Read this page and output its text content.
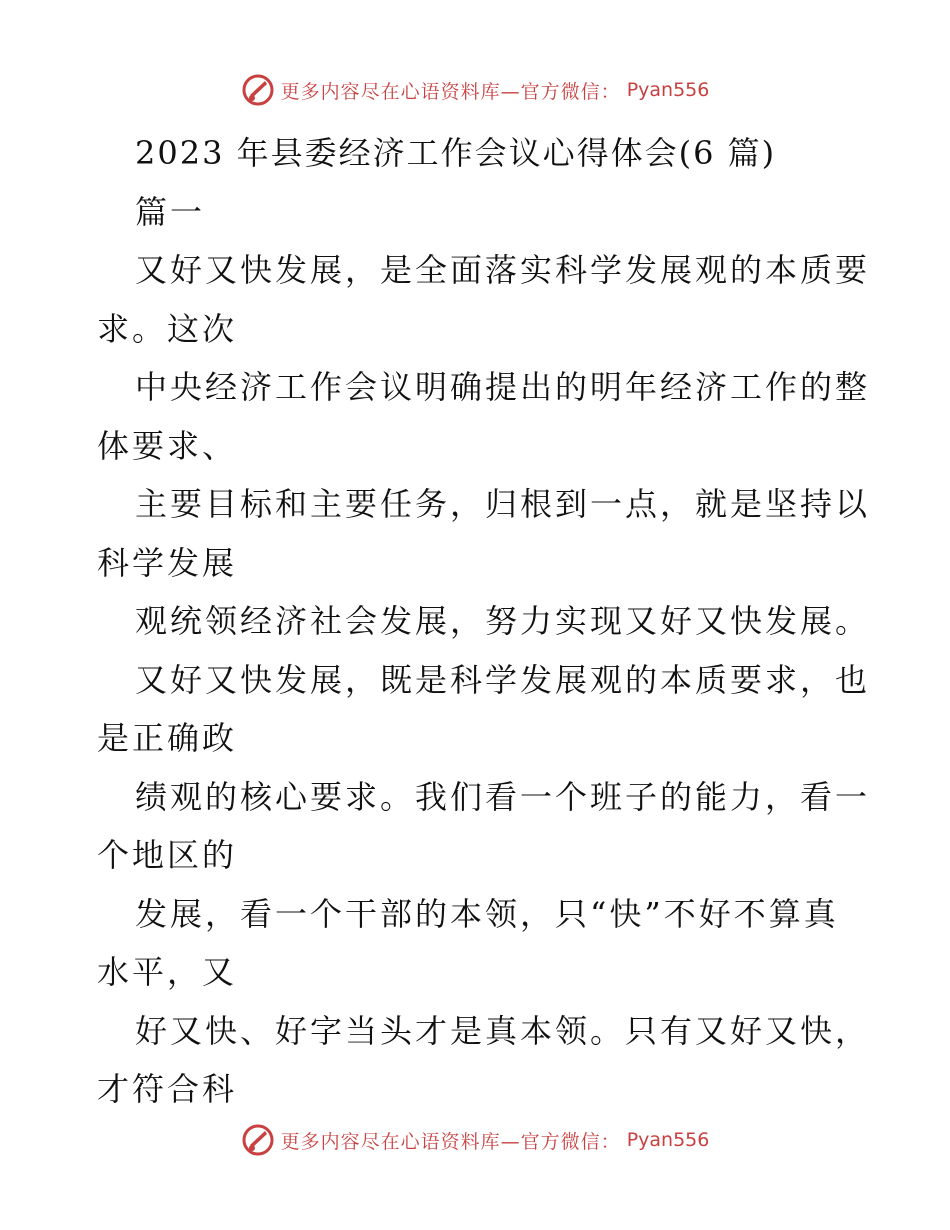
更多内容尽在心语资料库—官方微信： Pyan556
2023 年县委经济工作会议心得体会(6 篇)
篇一
又好又快发展，是全面落实科学发展观的本质要
求。这次
中央经济工作会议明确提出的明年经济工作的整
体要求、
主要目标和主要任务，归根到一点，就是坚持以
科学发展
观统领经济社会发展，努力实现又好又快发展。
又好又快发展，既是科学发展观的本质要求，也
是正确政
绩观的核心要求。我们看一个班子的能力，看一
个地区的
发展，看一个干部的本领，只“快”不好不算真
水平，又
好又快、好字当头才是真本领。只有又好又快，
才符合科
更多内容尽在心语资料库—官方微信： Pyan556
